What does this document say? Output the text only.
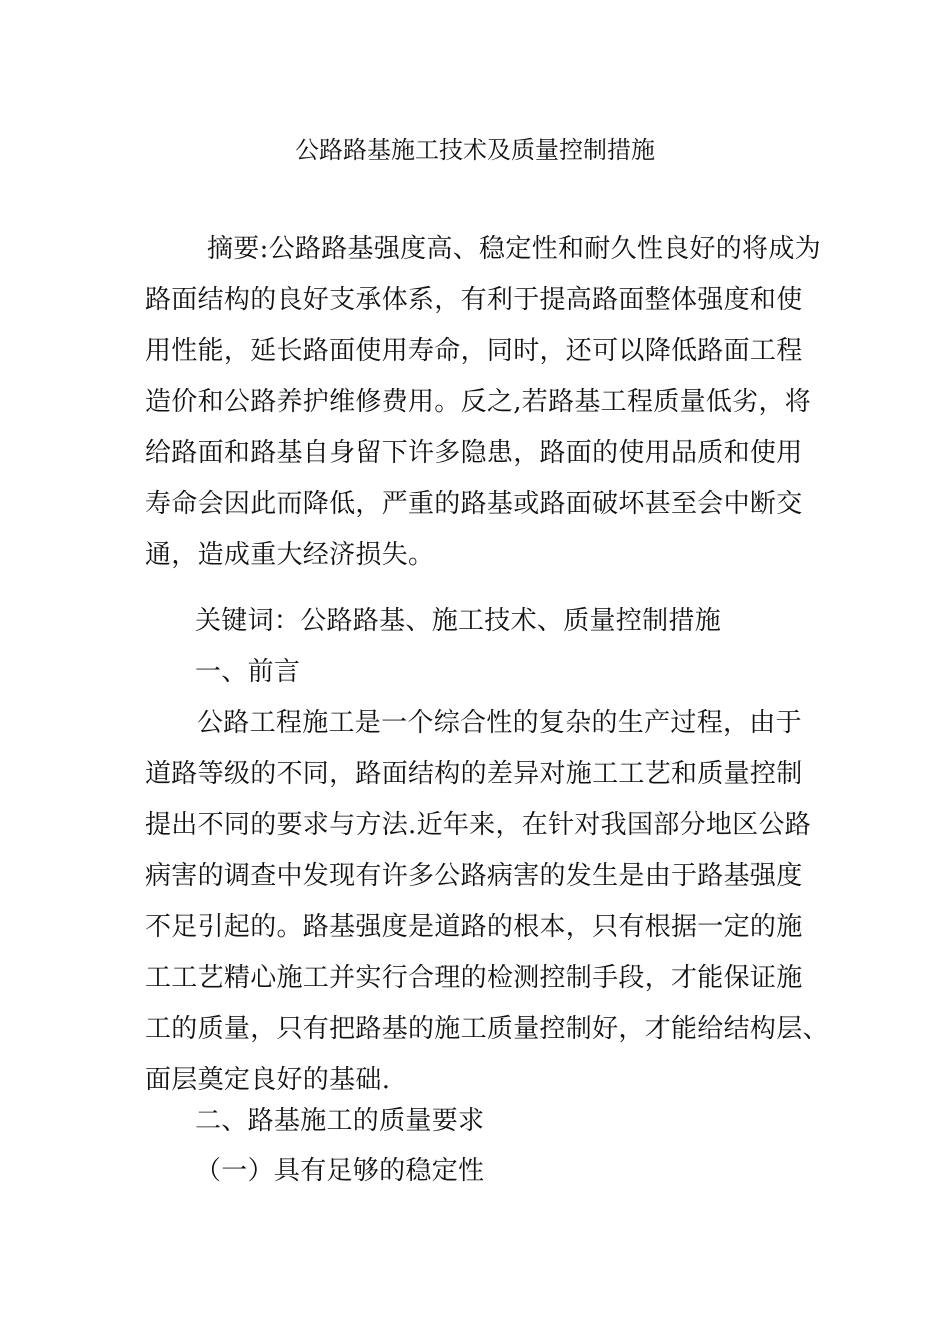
公路路基施工技术及质量控制措施
摘要:公路路基强度高、稳定性和耐久性良好的将成为
路面结构的良好支承体系，有利于提高路面整体强度和使
用性能，延长路面使用寿命，同时，还可以降低路面工程
造价和公路养护维修费用。反之,若路基工程质量低劣，将
给路面和路基自身留下许多隐患，路面的使用品质和使用
寿命会因此而降低，严重的路基或路面破坏甚至会中断交
通，造成重大经济损失。
关键词：公路路基、施工技术、质量控制措施
一、前言
公路工程施工是一个综合性的复杂的生产过程，由于
道路等级的不同，路面结构的差异对施工工艺和质量控制
提出不同的要求与方法.近年来，在针对我国部分地区公路
病害的调查中发现有许多公路病害的发生是由于路基强度
不足引起的。路基强度是道路的根本，只有根据一定的施
工工艺精心施工并实行合理的检测控制手段，才能保证施
工的质量，只有把路基的施工质量控制好，才能给结构层、
面层奠定良好的基础.
二、路基施工的质量要求
（一）具有足够的稳定性
